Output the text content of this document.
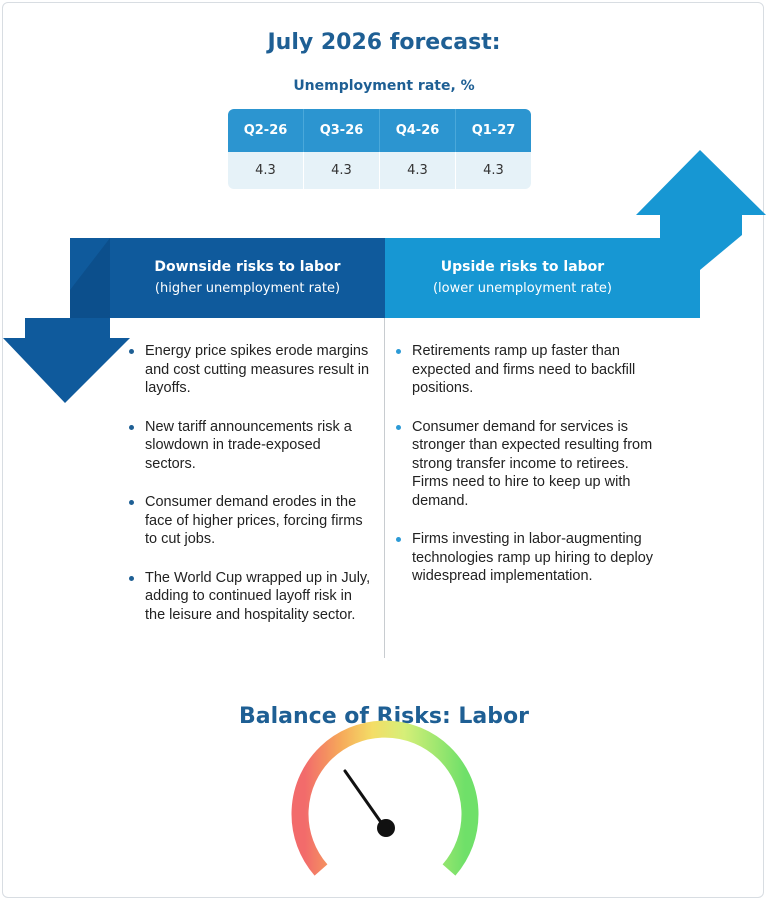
July 2026 forecast:
Unemployment rate, %
Q2-26	Q3-26	Q4-26	Q1-27
4.3	4.3	4.3	4.3
Downside risks to labor
(higher unemployment rate)
Upside risks to labor
(lower unemployment rate)
Energy price spikes erode margins and cost cutting measures result in layoffs.
New tariff announcements risk a slowdown in trade-exposed sectors.
Consumer demand erodes in the face of higher prices, forcing firms to cut jobs.
The World Cup wrapped up in July, adding to continued layoff risk in the leisure and hospitality sector.
Retirements ramp up faster than expected and firms need to backfill positions.
Consumer demand for services is stronger than expected resulting from strong transfer income to retirees. Firms need to hire to keep up with demand.
Firms investing in labor-augmenting technologies ramp up hiring to deploy widespread implementation.
Balance of Risks: Labor
